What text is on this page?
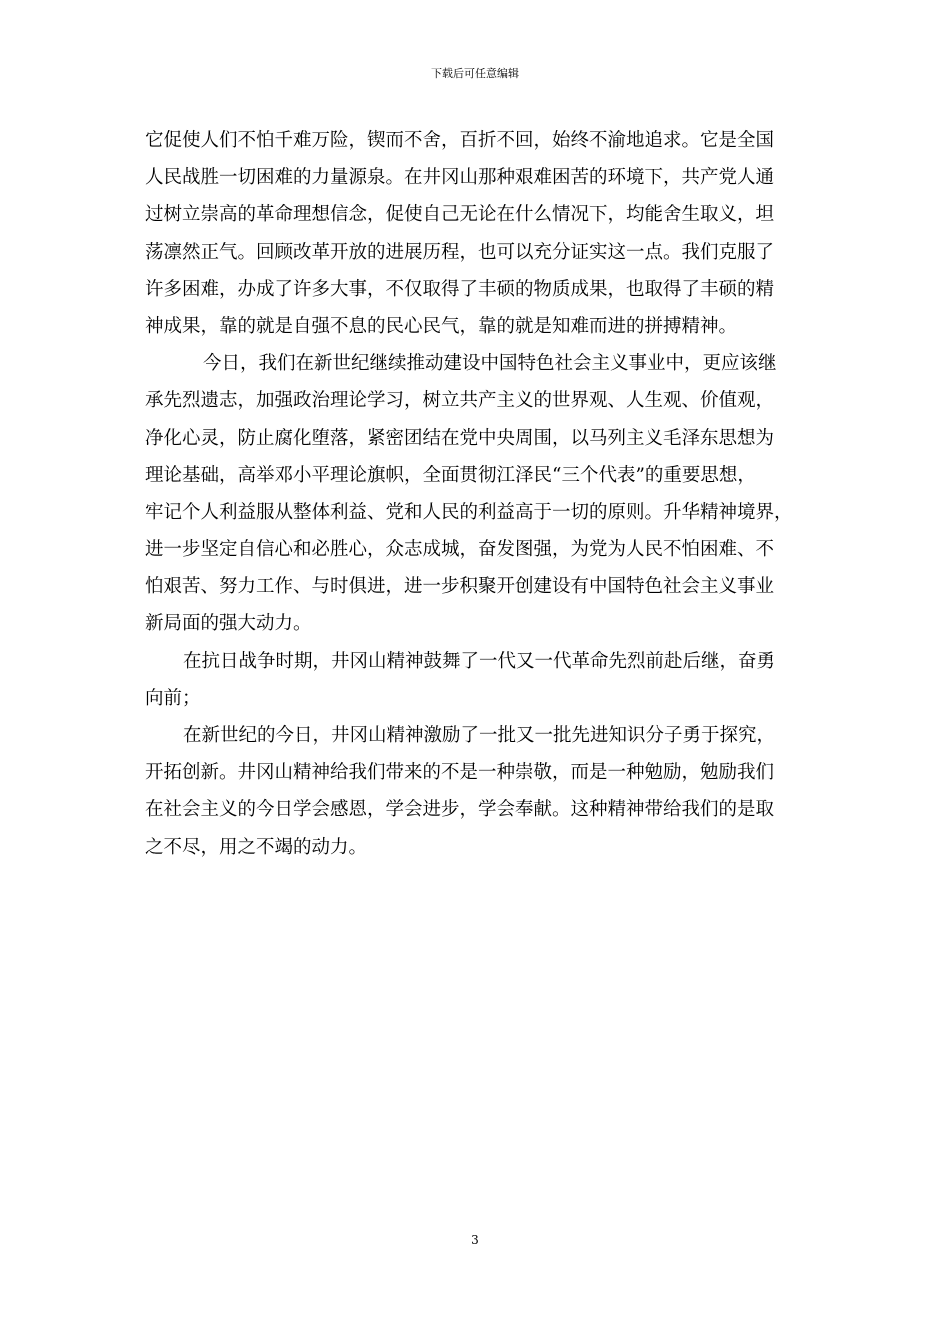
下载后可任意编辑
它促使人们不怕千难万险，锲而不舍，百折不回，始终不渝地追求。它是全国
人民战胜一切困难的力量源泉。在井冈山那种艰难困苦的环境下，共产党人通
过树立崇高的革命理想信念，促使自己无论在什么情况下，均能舍生取义，坦
荡凛然正气。回顾改革开放的进展历程，也可以充分证实这一点。我们克服了
许多困难，办成了许多大事，不仅取得了丰硕的物质成果，也取得了丰硕的精
神成果，靠的就是自强不息的民心民气，靠的就是知难而进的拼搏精神。
今日，我们在新世纪继续推动建设中国特色社会主义事业中，更应该继
承先烈遗志，加强政治理论学习，树立共产主义的世界观、人生观、价值观，
净化心灵，防止腐化堕落，紧密团结在党中央周围，以马列主义毛泽东思想为
理论基础，高举邓小平理论旗帜，全面贯彻江泽民“三个代表”的重要思想，
牢记个人利益服从整体利益、党和人民的利益高于一切的原则。升华精神境界，
进一步坚定自信心和必胜心，众志成城，奋发图强，为党为人民不怕困难、不
怕艰苦、努力工作、与时俱进，进一步积聚开创建设有中国特色社会主义事业
新局面的强大动力。
在抗日战争时期，井冈山精神鼓舞了一代又一代革命先烈前赴后继，奋勇
向前；
在新世纪的今日，井冈山精神激励了一批又一批先进知识分子勇于探究，
开拓创新。井冈山精神给我们带来的不是一种崇敬，而是一种勉励，勉励我们
在社会主义的今日学会感恩，学会进步，学会奉献。这种精神带给我们的是取
之不尽，用之不竭的动力。
3
